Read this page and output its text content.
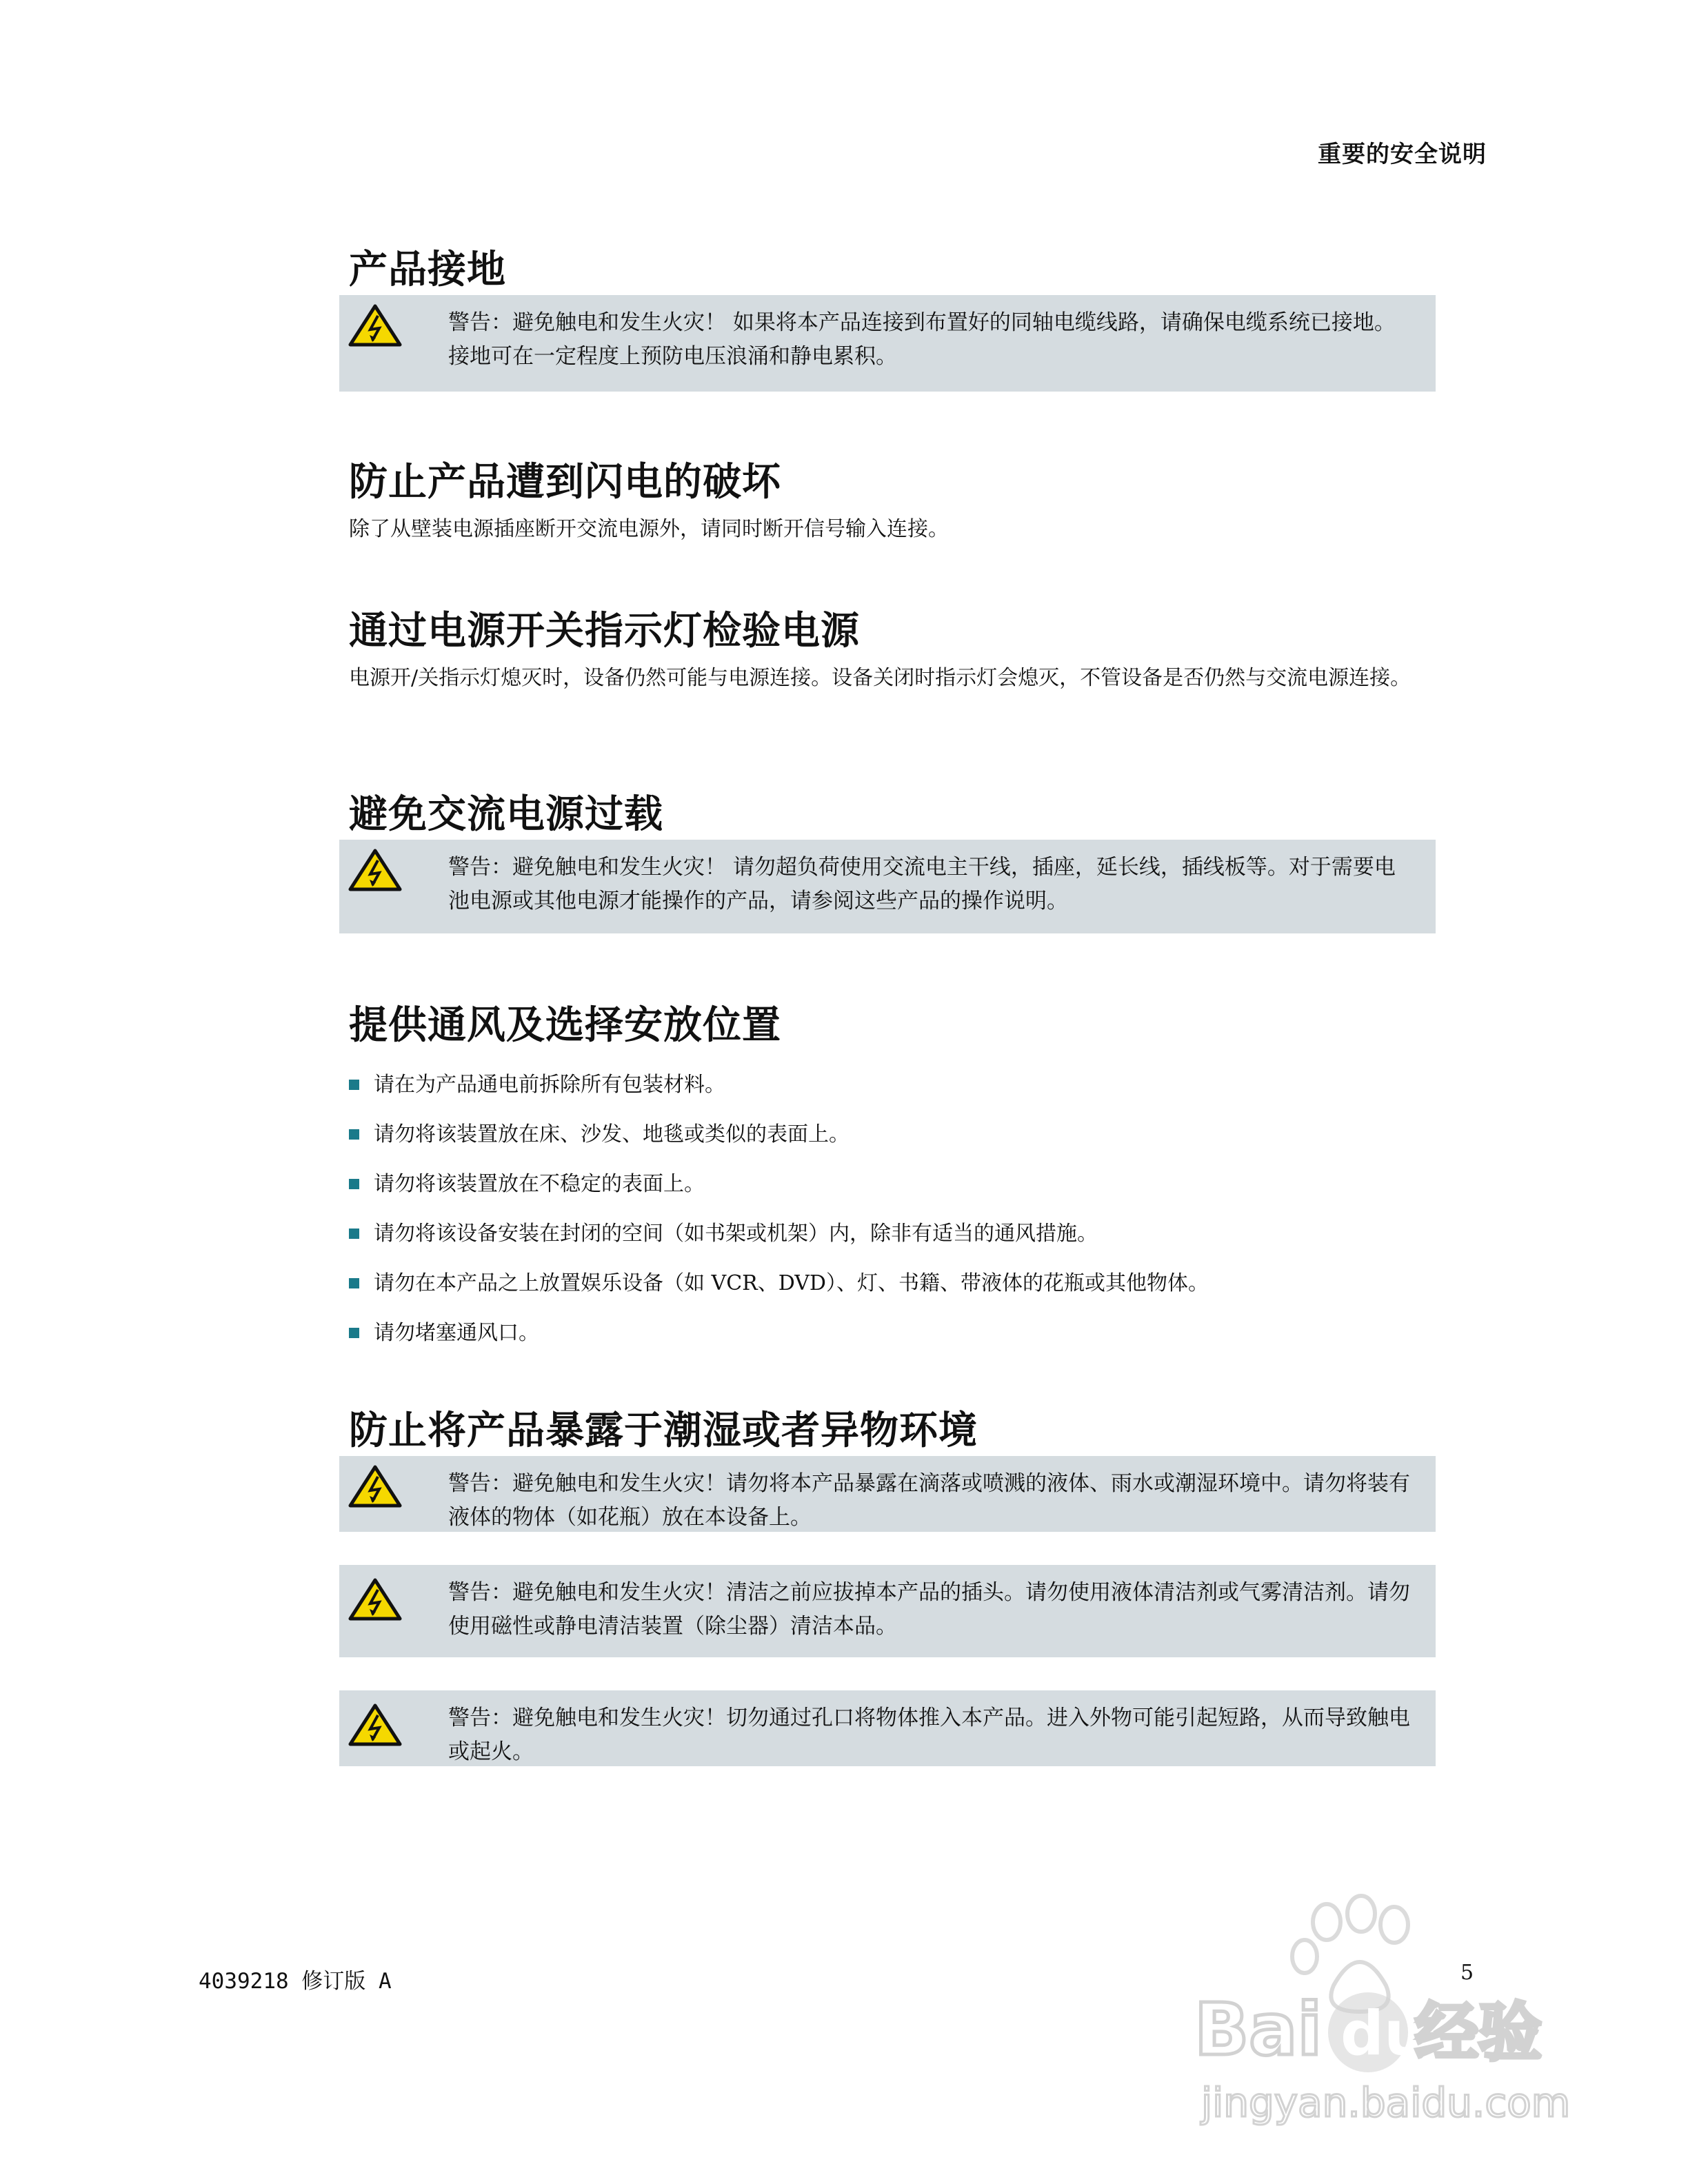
重要的安全说明
产品接地
警告：避免触电和发生火灾！ 如果将本产品连接到布置好的同轴电缆线路，请确保电缆系统已接地。接地可在一定程度上预防电压浪涌和静电累积。
防止产品遭到闪电的破坏
除了从壁装电源插座断开交流电源外，请同时断开信号输入连接。
通过电源开关指示灯检验电源
电源开/关指示灯熄灭时，设备仍然可能与电源连接。设备关闭时指示灯会熄灭，不管设备是否仍然与交流电源连接。
避免交流电源过载
警告：避免触电和发生火灾！ 请勿超负荷使用交流电主干线，插座，延长线，插线板等。对于需要电池电源或其他电源才能操作的产品，请参阅这些产品的操作说明。
提供通风及选择安放位置
请在为产品通电前拆除所有包装材料。
请勿将该装置放在床、沙发、地毯或类似的表面上。
请勿将该装置放在不稳定的表面上。
请勿将该设备安装在封闭的空间（如书架或机架）内，除非有适当的通风措施。
请勿在本产品之上放置娱乐设备（如 VCR、DVD）、灯、书籍、带液体的花瓶或其他物体。
请勿堵塞通风口。
防止将产品暴露于潮湿或者异物环境
警告：避免触电和发生火灾！请勿将本产品暴露在滴落或喷溅的液体、雨水或潮湿环境中。请勿将装有液体的物体（如花瓶）放在本设备上。
警告：避免触电和发生火灾！清洁之前应拔掉本产品的插头。请勿使用液体清洁剂或气雾清洁剂。请勿使用磁性或静电清洁装置（除尘器）清洁本品。
警告：避免触电和发生火灾！切勿通过孔口将物体推入本产品。进入外物可能引起短路，从而导致触电或起火。
4039218 修订版 A	5
Bai du
经验
jingyan.baidu.com
